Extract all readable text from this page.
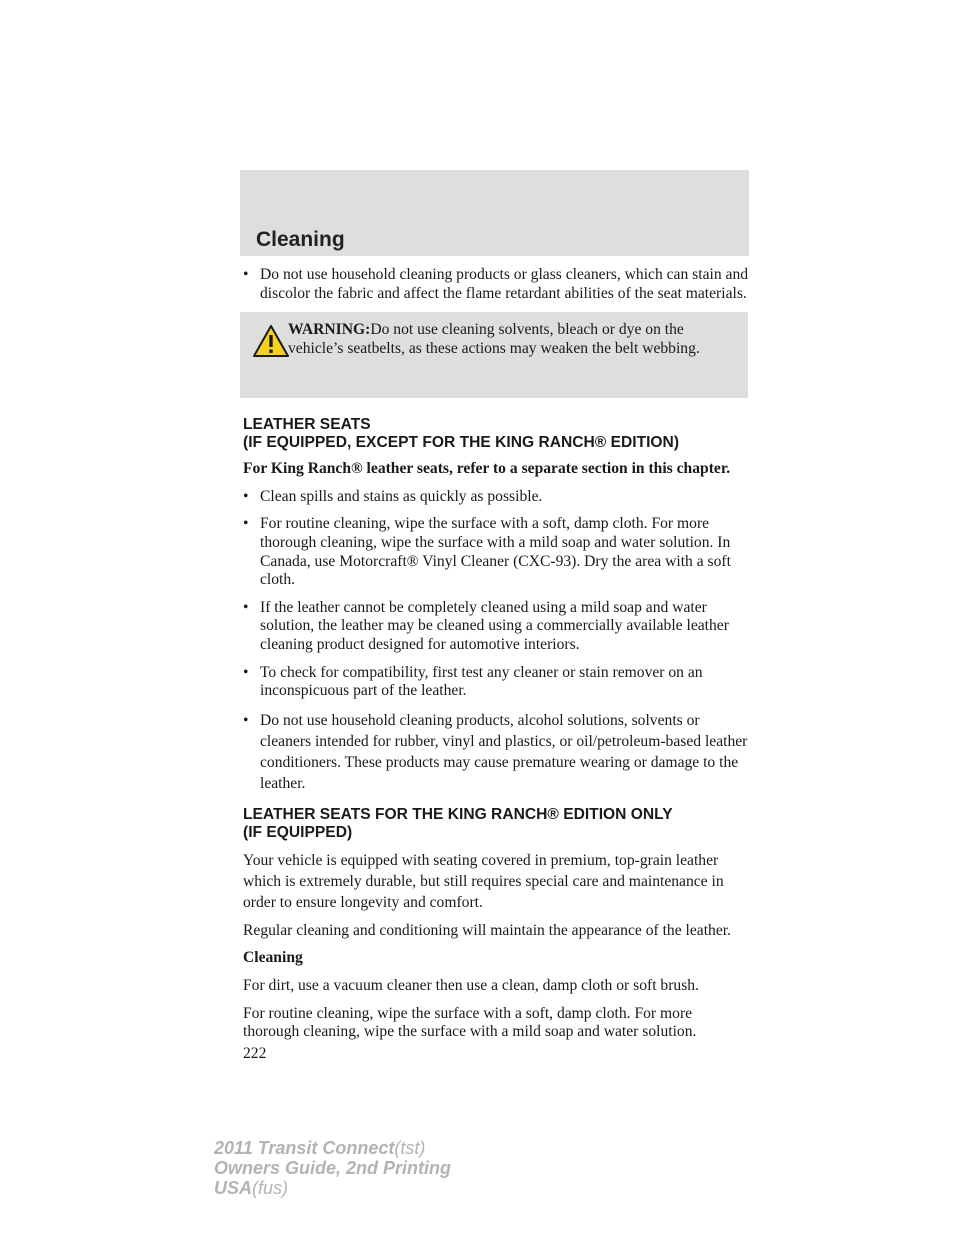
Cleaning
• Do not use household cleaning products or glass cleaners, which can stain and discolor the fabric and affect the flame retardant abilities of the seat materials.
WARNING:Do not use cleaning solvents, bleach or dye on the
vehicle’s seatbelts, as these actions may weaken the belt webbing.
LEATHER SEATS
(IF EQUIPPED, EXCEPT FOR THE KING RANCH® EDITION)
For King Ranch® leather seats, refer to a separate section in this chapter.
• Clean spills and stains as quickly as possible.
• For routine cleaning, wipe the surface with a soft, damp cloth. For more thorough cleaning, wipe the surface with a mild soap and water solution. In Canada, use Motorcraft® Vinyl Cleaner (CXC-93). Dry the area with a soft cloth.
• If the leather cannot be completely cleaned using a mild soap and water solution, the leather may be cleaned using a commercially available leather cleaning product designed for automotive interiors.
• To check for compatibility, first test any cleaner or stain remover on an inconspicuous part of the leather.
• Do not use household cleaning products, alcohol solutions, solvents or cleaners intended for rubber, vinyl and plastics, or oil/petroleum-based leather conditioners. These products may cause premature wearing or damage to the leather.
LEATHER SEATS FOR THE KING RANCH® EDITION ONLY
(IF EQUIPPED)
Your vehicle is equipped with seating covered in premium, top-grain leather which is extremely durable, but still requires special care and maintenance in order to ensure longevity and comfort.
Regular cleaning and conditioning will maintain the appearance of the leather.
Cleaning
For dirt, use a vacuum cleaner then use a clean, damp cloth or soft brush.
For routine cleaning, wipe the surface with a soft, damp cloth. For more thorough cleaning, wipe the surface with a mild soap and water solution.
222
2011 Transit Connect(tst)
Owners Guide, 2nd Printing
USA(fus)
